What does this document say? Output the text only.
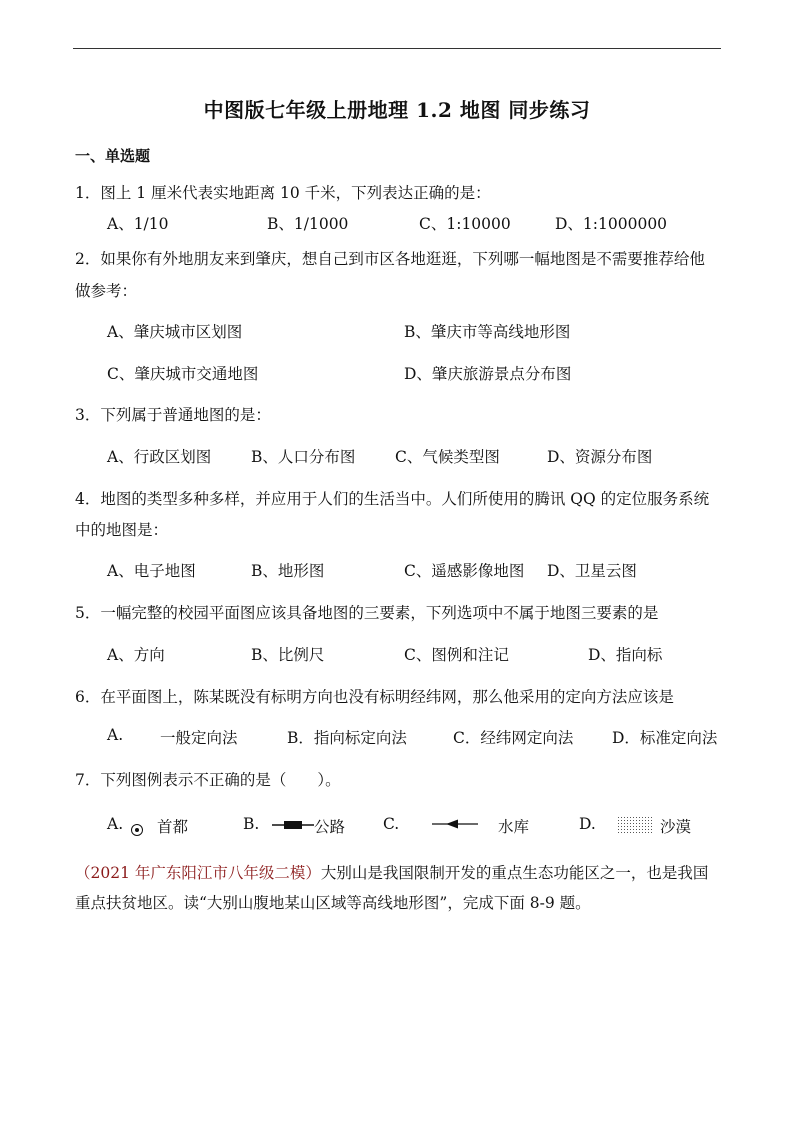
中图版七年级上册地理 1.2 地图 同步练习
一、单选题
1．图上 1 厘米代表实地距离 10 千米，下列表达正确的是：
A、1/10	B、1/1000	C、1:10000	D、1:1000000
2．如果你有外地朋友来到肇庆，想自己到市区各地逛逛，下列哪一幅地图是不需要推荐给他
做参考：
A、肇庆城市区划图	B、肇庆市等高线地形图
C、肇庆城市交通地图	D、肇庆旅游景点分布图
3．下列属于普通地图的是：
A、行政区划图	B、人口分布图	C、气候类型图	D、资源分布图
4．地图的类型多种多样，并应用于人们的生活当中。人们所使用的腾讯 QQ 的定位服务系统
中的地图是：
A、电子地图	B、地形图	C、遥感影像地图 D、卫星云图
5．一幅完整的校园平面图应该具备地图的三要素，下列选项中不属于地图三要素的是
A、方向	B、比例尺	C、图例和注记	D、指向标
6．在平面图上，陈某既没有标明方向也没有标明经纬网，那么他采用的定向方法应该是
A. 一般定向法	B．指向标定向法	C．经纬网定向法 D．标准定向法
7．下列图例表示不正确的是（　　）。
A. 首都	B.	公路 C.	水库	D.	沙漠
（2021 年广东阳江市八年级二模）大别山是我国限制开发的重点生态功能区之一，也是我国
重点扶贫地区。读“大别山腹地某山区域等高线地形图”，完成下面 8-9 题。
